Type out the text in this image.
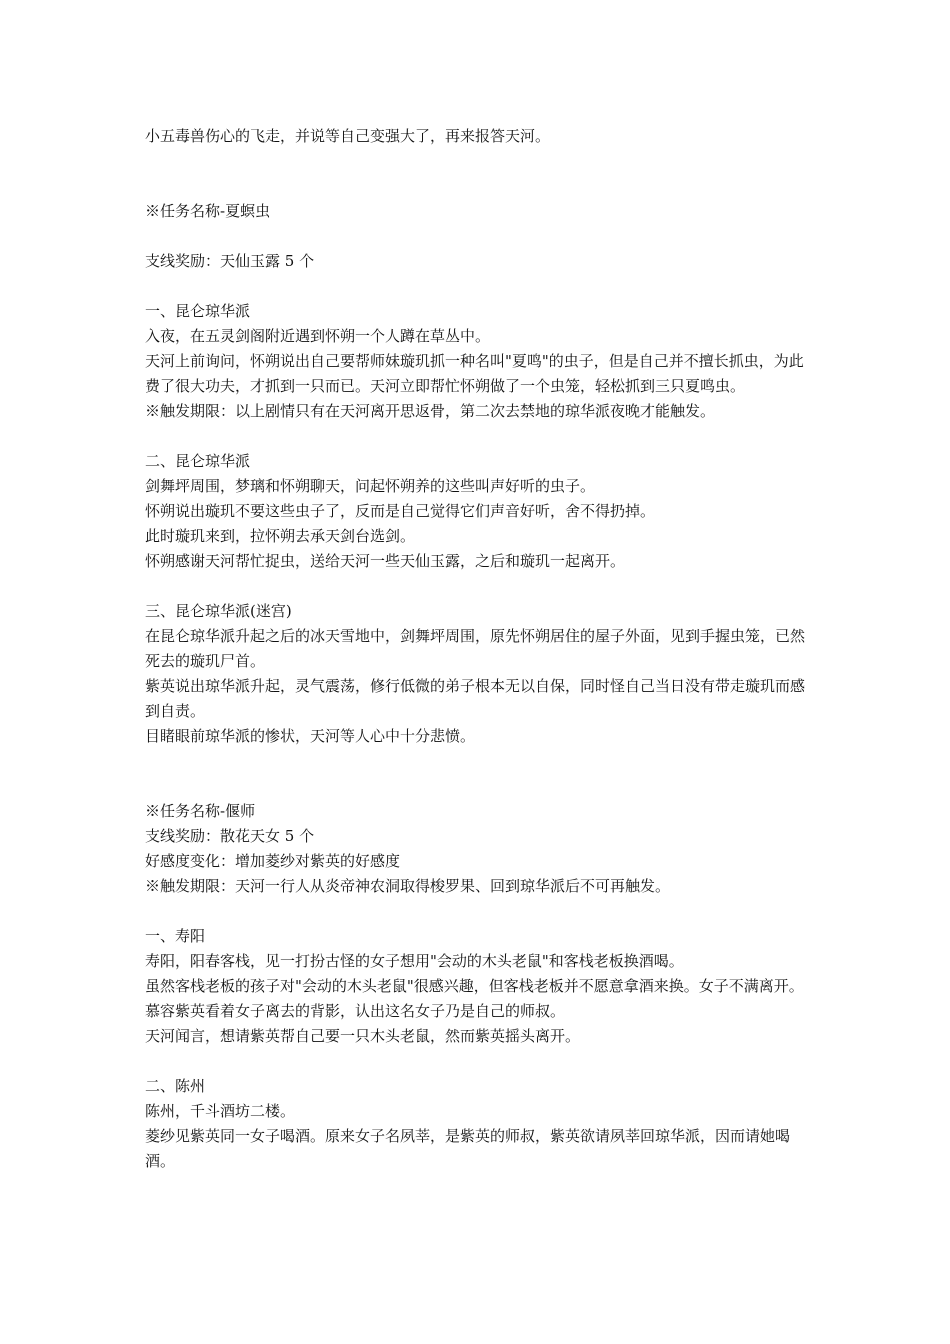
小五毒兽伤心的飞走，并说等自己变强大了，再来报答天河。

※任务名称-夏螟虫

支线奖励：天仙玉露 5 个

一、昆仑琼华派

入夜，在五灵剑阁附近遇到怀朔一个人蹲在草丛中。

天河上前询问，怀朔说出自己要帮师妹璇玑抓一种名叫"夏鸣"的虫子，但是自己并不擅长抓虫，为此费了很大功夫，才抓到一只而已。天河立即帮忙怀朔做了一个虫笼，轻松抓到三只夏鸣虫。

※触发期限：以上剧情只有在天河离开思返骨，第二次去禁地的琼华派夜晚才能触发。

二、昆仑琼华派

剑舞坪周围，梦璃和怀朔聊天，问起怀朔养的这些叫声好听的虫子。

怀朔说出璇玑不要这些虫子了，反而是自己觉得它们声音好听，舍不得扔掉。

此时璇玑来到，拉怀朔去承天剑台选剑。

怀朔感谢天河帮忙捉虫，送给天河一些天仙玉露，之后和璇玑一起离开。

三、昆仑琼华派(迷宫)

在昆仑琼华派升起之后的冰天雪地中，剑舞坪周围，原先怀朔居住的屋子外面，见到手握虫笼，已然死去的璇玑尸首。

紫英说出琼华派升起，灵气震荡，修行低微的弟子根本无以自保，同时怪自己当日没有带走璇玑而感到自责。

目睹眼前琼华派的惨状，天河等人心中十分悲愤。

※任务名称-偃师

支线奖励：散花天女 5 个

好感度变化：增加菱纱对紫英的好感度

※触发期限：天河一行人从炎帝神农洞取得梭罗果、回到琼华派后不可再触发。

一、寿阳

寿阳，阳春客栈，见一打扮古怪的女子想用"会动的木头老鼠"和客栈老板换酒喝。

虽然客栈老板的孩子对"会动的木头老鼠"很感兴趣，但客栈老板并不愿意拿酒来换。女子不满离开。

慕容紫英看着女子离去的背影，认出这名女子乃是自己的师叔。

天河闻言，想请紫英帮自己要一只木头老鼠，然而紫英摇头离开。

二、陈州

陈州，千斗酒坊二楼。

菱纱见紫英同一女子喝酒。原来女子名夙莘，是紫英的师叔，紫英欲请夙莘回琼华派，因而请她喝酒。
